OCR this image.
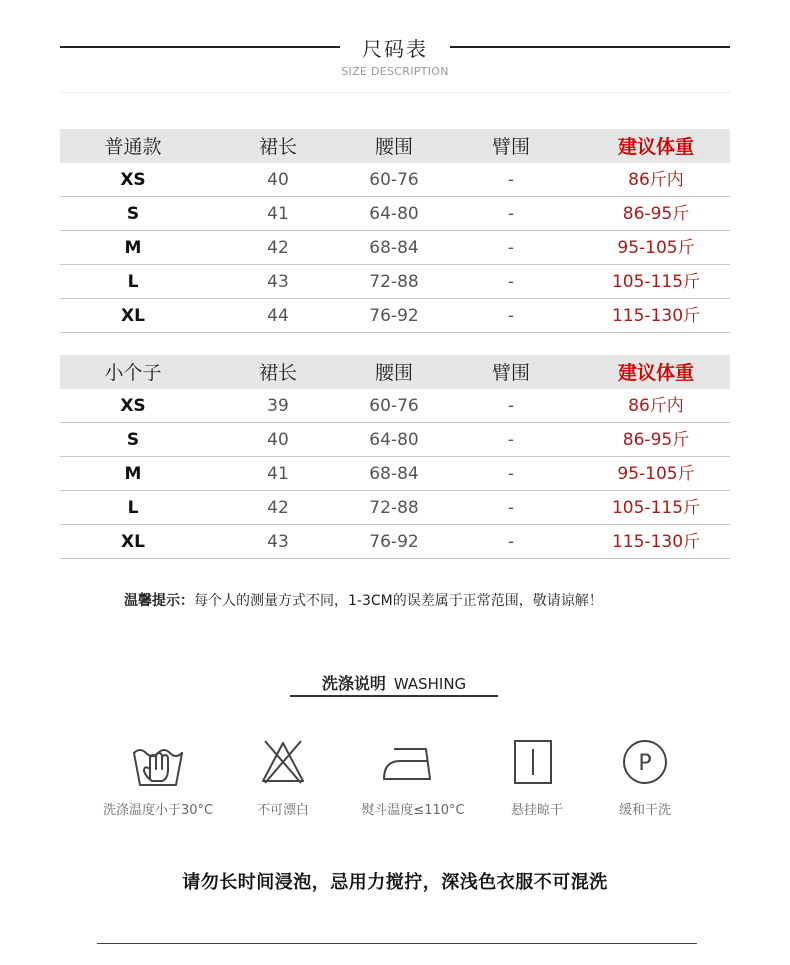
尺码表
SIZE DESCRIPTION
普通款	裙长	腰围	臂围	建议体重
XS	40	60-76	-	86斤内
S	41	64-80	-	86-95斤
M	42	68-84	-	95-105斤
L	43	72-88	-	105-115斤
XL	44	76-92	-	115-130斤
小个子	裙长	腰围	臂围	建议体重
XS	39	60-76	-	86斤内
S	40	64-80	-	86-95斤
M	41	68-84	-	95-105斤
L	42	72-88	-	105-115斤
XL	43	76-92	-	115-130斤
温馨提示：每个人的测量方式不同，1-3CM的误差属于正常范围，敬请谅解！
洗涤说明 WASHING
洗涤温度小于30°C	不可漂白	熨斗温度≤110°C	悬挂晾干
P
缓和干洗
请勿长时间浸泡，忌用力搅拧，深浅色衣服不可混洗
